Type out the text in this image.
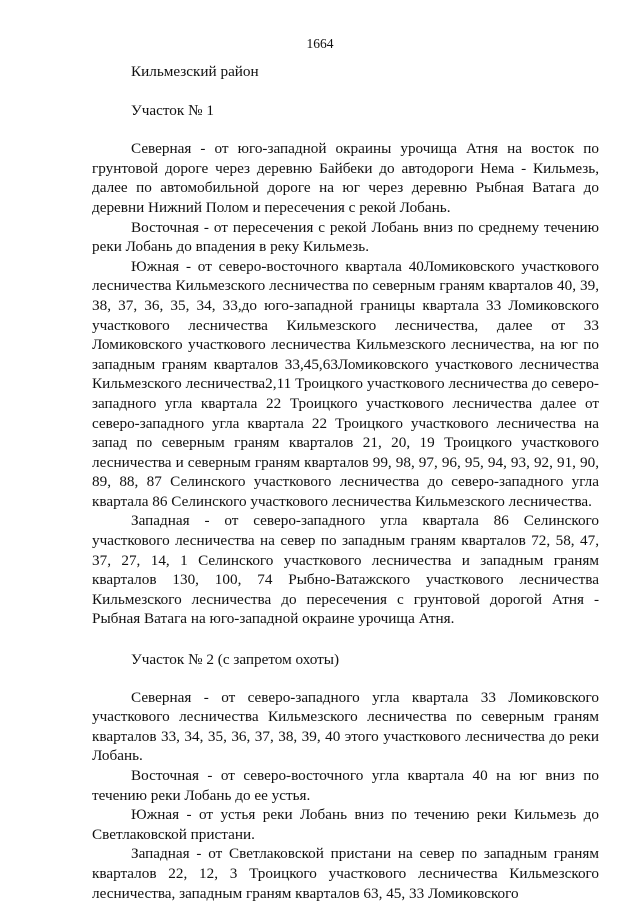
1664

Кильмезский район

Участок № 1

Северная - от юго-западной окраины урочища Атня на восток по грунтовой дороге через деревню Байбеки до автодороги Нема - Кильмезь, далее по автомобильной дороге на юг через деревню Рыбная Ватага до деревни Нижний Полом и пересечения с рекой Лобань.

Восточная - от пересечения с рекой Лобань вниз по среднему течению реки Лобань до впадения в реку Кильмезь.

Южная - от северо-восточного квартала 40Ломиковского участкового лесничества Кильмезского лесничества по северным граням кварталов 40, 39, 38, 37, 36, 35, 34, 33,до юго-западной границы квартала 33 Ломиковского участкового лесничества Кильмезского лесничества, далее от 33 Ломиковского участкового лесничества Кильмезского лесничества, на юг по западным граням кварталов 33,45,63Ломиковского участкового лесничества Кильмезского лесничества2,11 Троицкого участкового лесничества до северо-западного угла квартала 22 Троицкого участкового лесничества далее от северо-западного угла квартала 22 Троицкого участкового лесничества на запад по северным граням кварталов 21, 20, 19 Троицкого участкового лесничества и северным граням кварталов 99, 98, 97, 96, 95, 94, 93, 92, 91, 90, 89, 88, 87 Селинского участкового лесничества до северо-западного угла квартала 86 Селинского участкового лесничества Кильмезского лесничества.

Западная - от северо-западного угла квартала 86 Селинского участкового лесничества на север по западным граням кварталов 72, 58, 47, 37, 27, 14, 1 Селинского участкового лесничества и западным граням кварталов 130, 100, 74 Рыбно-Ватажского участкового лесничества Кильмезского лесничества до пересечения с грунтовой дорогой Атня - Рыбная Ватага на юго-западной окраине урочища Атня.

Участок № 2 (с запретом охоты)

Северная - от северо-западного угла квартала 33 Ломиковского участкового лесничества Кильмезского лесничества по северным граням кварталов 33, 34, 35, 36, 37, 38, 39, 40 этого участкового лесничества до реки Лобань.

Восточная - от северо-восточного угла квартала 40 на юг вниз по течению реки Лобань до ее устья.

Южная - от устья реки Лобань вниз по течению реки Кильмезь до Светлаковской пристани.

Западная - от Светлаковской пристани на север по западным граням кварталов 22, 12, 3 Троицкого участкового лесничества Кильмезского лесничества, западным граням кварталов 63, 45, 33 Ломиковского
